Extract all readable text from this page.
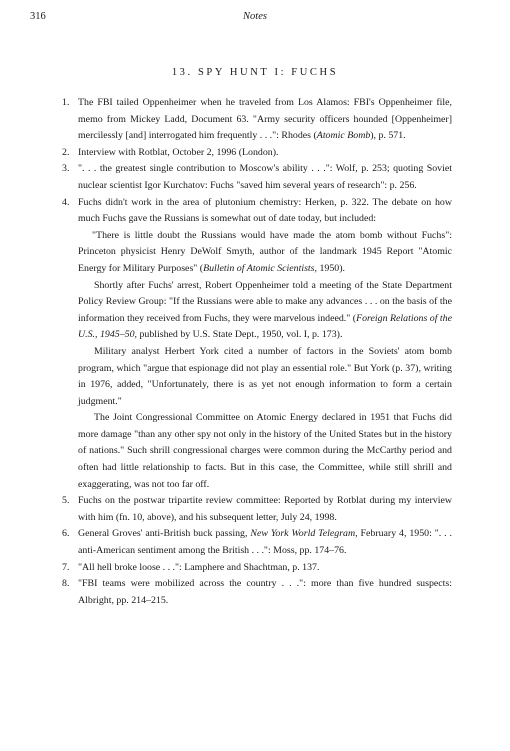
316	Notes
13. SPY HUNT I: FUCHS
1. The FBI tailed Oppenheimer when he traveled from Los Alamos: FBI's Oppenheimer file, memo from Mickey Ladd, Document 63. "Army security officers hounded [Oppenheimer] mercilessly [and] interrogated him frequently . . .": Rhodes (Atomic Bomb), p. 571.
2. Interview with Rotblat, October 2, 1996 (London).
3. ". . . the greatest single contribution to Moscow's ability . . .": Wolf, p. 253; quoting Soviet nuclear scientist Igor Kurchatov: Fuchs "saved him several years of research": p. 256.
4. Fuchs didn't work in the area of plutonium chemistry: Herken, p. 322. The debate on how much Fuchs gave the Russians is somewhat out of date today, but included:
"There is little doubt the Russians would have made the atom bomb without Fuchs": Princeton physicist Henry DeWolf Smyth, author of the landmark 1945 Report "Atomic Energy for Military Purposes" (Bulletin of Atomic Scientists, 1950).
Shortly after Fuchs' arrest, Robert Oppenheimer told a meeting of the State Department Policy Review Group: "If the Russians were able to make any advances . . . on the basis of the information they received from Fuchs, they were marvelous indeed." (Foreign Relations of the U.S., 1945–50, published by U.S. State Dept., 1950, vol. I, p. 173).
Military analyst Herbert York cited a number of factors in the Soviets' atom bomb program, which "argue that espionage did not play an essential role." But York (p. 37), writing in 1976, added, "Unfortunately, there is as yet not enough information to form a certain judgment."
The Joint Congressional Committee on Atomic Energy declared in 1951 that Fuchs did more damage "than any other spy not only in the history of the United States but in the history of nations." Such shrill congressional charges were common during the McCarthy period and often had little relationship to facts. But in this case, the Committee, while still shrill and exaggerating, was not too far off.
5. Fuchs on the postwar tripartite review committee: Reported by Rotblat during my interview with him (fn. 10, above), and his subsequent letter, July 24, 1998.
6. General Groves' anti-British buck passing, New York World Telegram, February 4, 1950: ". . . anti-American sentiment among the British . . .": Moss, pp. 174–76.
7. "All hell broke loose . . .": Lamphere and Shachtman, p. 137.
8. "FBI teams were mobilized across the country . . .": more than five hundred suspects: Albright, pp. 214–215.
